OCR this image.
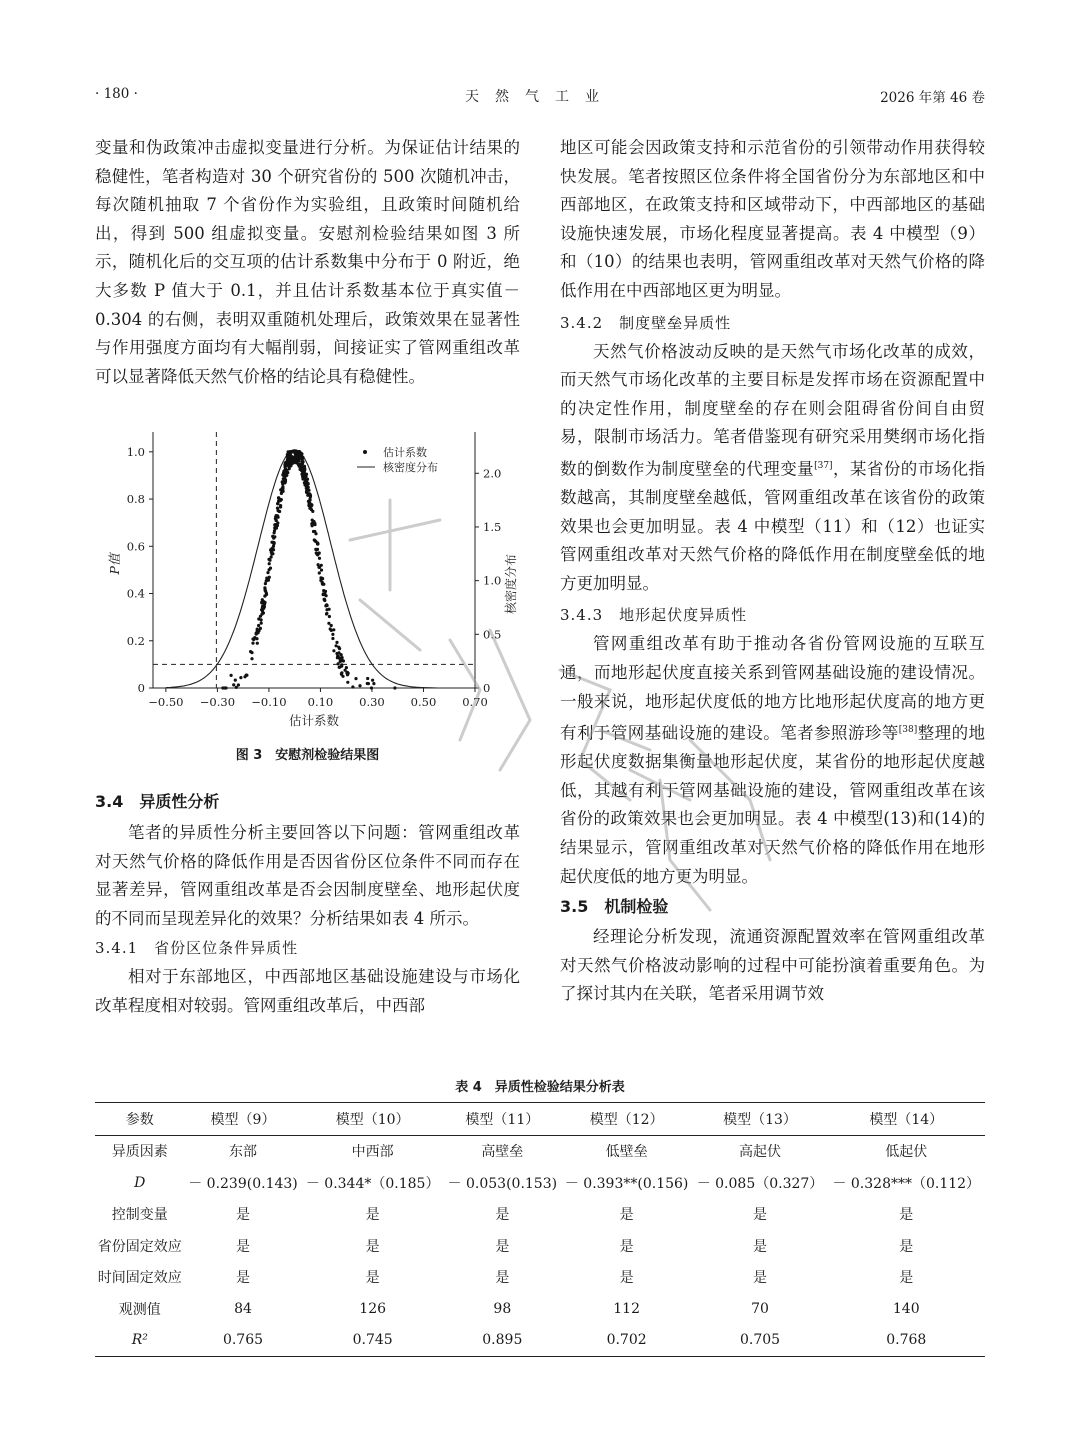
· 180 ·	天然气工业	2026 年第 46 卷

变量和伪政策冲击虚拟变量进行分析。为保证估计结果的稳健性，笔者构造对 30 个研究省份的 500 次随机冲击，每次随机抽取 7 个省份作为实验组，且政策时间随机给出，得到 500 组虚拟变量。安慰剂检验结果如图 3 所示，随机化后的交互项的估计系数集中分布于 0 附近，绝大多数 P 值大于 0.1，并且估计系数基本位于真实值－ 0.304 的右侧，表明双重随机处理后，政策效果在显著性与作用强度方面均有大幅削弱，间接证实了管网重组改革可以显著降低天然气价格的结论具有稳健性。

−0.50 −0.30 −0.10 0.10 0.30 0.50 0.70
0
0.2
0.4
0.6
0.8
1.0
0
0.5
1.0
1.5
2.0
估计系数
P值	核密度分布
估计系数
核密度分布
图 3　安慰剂检验结果图
3.4　异质性分析

笔者的异质性分析主要回答以下问题：管网重组改革对天然气价格的降低作用是否因省份区位条件不同而存在显著差异，管网重组改革是否会因制度壁垒、地形起伏度的不同而呈现差异化的效果？分析结果如表 4 所示。

3.4.1　省份区位条件异质性

相对于东部地区，中西部地区基础设施建设与市场化改革程度相对较弱。管网重组改革后，中西部

地区可能会因政策支持和示范省份的引领带动作用获得较快发展。笔者按照区位条件将全国省份分为东部地区和中西部地区，在政策支持和区域带动下，中西部地区的基础设施快速发展，市场化程度显著提高。表 4 中模型（9）和（10）的结果也表明，管网重组改革对天然气价格的降低作用在中西部地区更为明显。

3.4.2　制度壁垒异质性

天然气价格波动反映的是天然气市场化改革的成效，而天然气市场化改革的主要目标是发挥市场在资源配置中的决定性作用，制度壁垒的存在则会阻碍省份间自由贸易，限制市场活力。笔者借鉴现有研究采用樊纲市场化指数的倒数作为制度壁垒的代理变量[37]，某省份的市场化指数越高，其制度壁垒越低，管网重组改革在该省份的政策效果也会更加明显。表 4 中模型（11）和（12）也证实管网重组改革对天然气价格的降低作用在制度壁垒低的地方更加明显。

3.4.3　地形起伏度异质性

管网重组改革有助于推动各省份管网设施的互联互通，而地形起伏度直接关系到管网基础设施的建设情况。一般来说，地形起伏度低的地方比地形起伏度高的地方更有利于管网基础设施的建设。笔者参照游珍等[38]整理的地形起伏度数据集衡量地形起伏度，某省份的地形起伏度越低，其越有利于管网基础设施的建设，管网重组改革在该省份的政策效果也会更加明显。表 4 中模型(13)和(14)的结果显示，管网重组改革对天然气价格的降低作用在地形起伏度低的地方更为明显。

3.5　机制检验

经理论分析发现，流通资源配置效率在管网重组改革对天然气价格波动影响的过程中可能扮演着重要角色。为了探讨其内在关联，笔者采用调节效

表 4　异质性检验结果分析表
参数	模型（9）	模型（10）	模型（11）	模型（12）	模型（13）	模型（14）
异质因素	东部	中西部	高壁垒	低壁垒	高起伏	低起伏
D	－ 0.239(0.143)	－ 0.344*（0.185）	－ 0.053(0.153)	－ 0.393**(0.156)	－ 0.085（0.327）	－ 0.328***（0.112）
控制变量	是	是	是	是	是	是
省份固定效应	是	是	是	是	是	是
时间固定效应	是	是	是	是	是	是
观测值	84	126	98	112	70	140
R²	0.765	0.745	0.895	0.702	0.705	0.768
